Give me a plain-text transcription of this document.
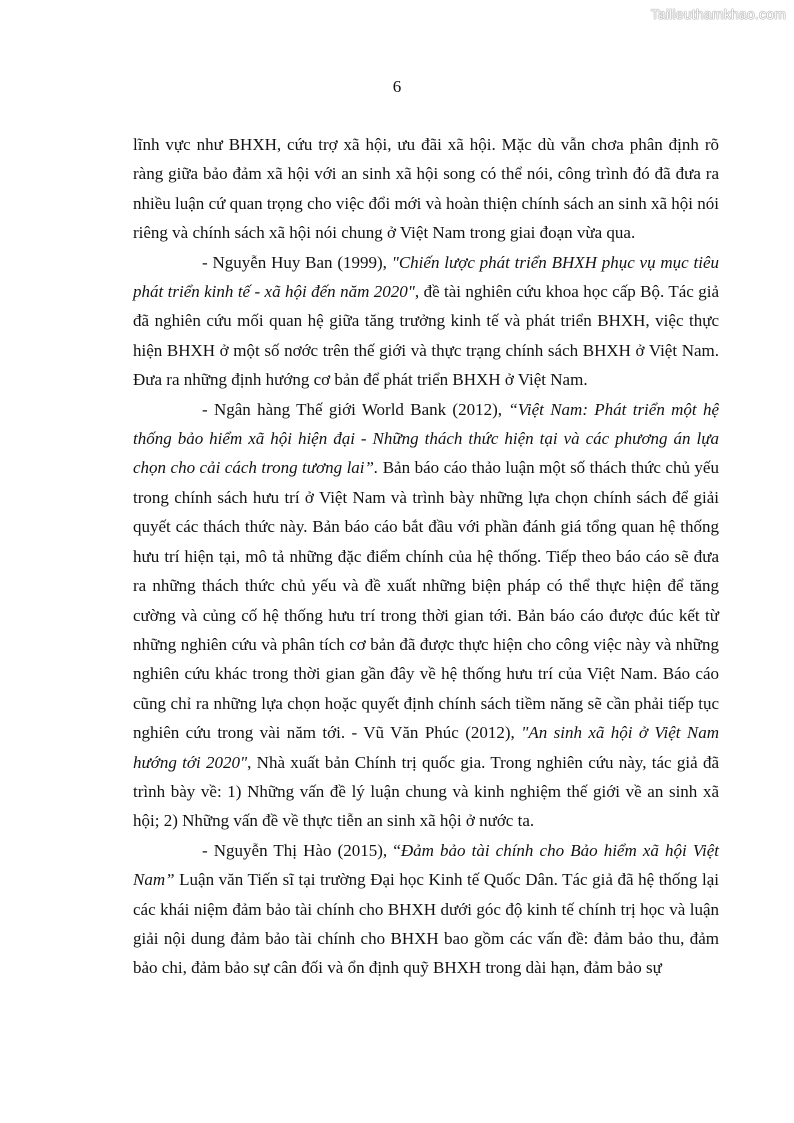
Tailieuthamkhao.com
6

lĩnh vực như BHXH, cứu trợ xã hội, ưu đãi xã hội. Mặc dù vẫn chơa phân định rõ ràng giữa bảo đảm xã hội với an sinh xã hội song có thể nói, công trình đó đã đưa ra nhiều luận cứ quan trọng cho việc đổi mới và hoàn thiện chính sách an sinh xã hội nói riêng và chính sách xã hội nói chung ở Việt Nam trong giai đoạn vừa qua.

- Nguyễn Huy Ban (1999), "Chiến lược phát triển BHXH phục vụ mục tiêu phát triển kinh tế - xã hội đến năm 2020", đề tài nghiên cứu khoa học cấp Bộ. Tác giả đã nghiên cứu mối quan hệ giữa tăng trưởng kinh tế và phát triển BHXH, việc thực hiện BHXH ở một số nơớc trên thế giới và thực trạng chính sách BHXH ở Việt Nam. Đưa ra những định hướng cơ bản để phát triển BHXH ở Việt Nam.

- Ngân hàng Thế giới World Bank (2012), “Việt Nam: Phát triển một hệ thống bảo hiểm xã hội hiện đại - Những thách thức hiện tại và các phương án lựa chọn cho cải cách trong tương lai”. Bản báo cáo thảo luận một số thách thức chủ yếu trong chính sách hưu trí ở Việt Nam và trình bày những lựa chọn chính sách để giải quyết các thách thức này. Bản báo cáo bắt đầu với phần đánh giá tổng quan hệ thống hưu trí hiện tại, mô tả những đặc điểm chính của hệ thống. Tiếp theo báo cáo sẽ đưa ra những thách thức chủ yếu và đề xuất những biện pháp có thể thực hiện để tăng cường và củng cố hệ thống hưu trí trong thời gian tới. Bản báo cáo được đúc kết từ những nghiên cứu và phân tích cơ bản đã được thực hiện cho công việc này và những nghiên cứu khác trong thời gian gần đây về hệ thống hưu trí của Việt Nam. Báo cáo cũng chỉ ra những lựa chọn hoặc quyết định chính sách tiềm năng sẽ cần phải tiếp tục nghiên cứu trong vài năm tới. - Vũ Văn Phúc (2012), "An sinh xã hội ở Việt Nam hướng tới 2020", Nhà xuất bản Chính trị quốc gia. Trong nghiên cứu này, tác giả đã trình bày về: 1) Những vấn đề lý luận chung và kinh nghiệm thế giới về an sinh xã hội; 2) Những vấn đề về thực tiễn an sinh xã hội ở nước ta.

- Nguyễn Thị Hào (2015), “Đảm bảo tài chính cho Bảo hiểm xã hội Việt Nam” Luận văn Tiến sĩ tại trường Đại học Kinh tế Quốc Dân. Tác giả đã hệ thống lại các khái niệm đảm bảo tài chính cho BHXH dưới góc độ kinh tế chính trị học và luận giải nội dung đảm bảo tài chính cho BHXH bao gồm các vấn đề: đảm bảo thu, đảm bảo chi, đảm bảo sự cân đối và ổn định quỹ BHXH trong dài hạn, đảm bảo sự
